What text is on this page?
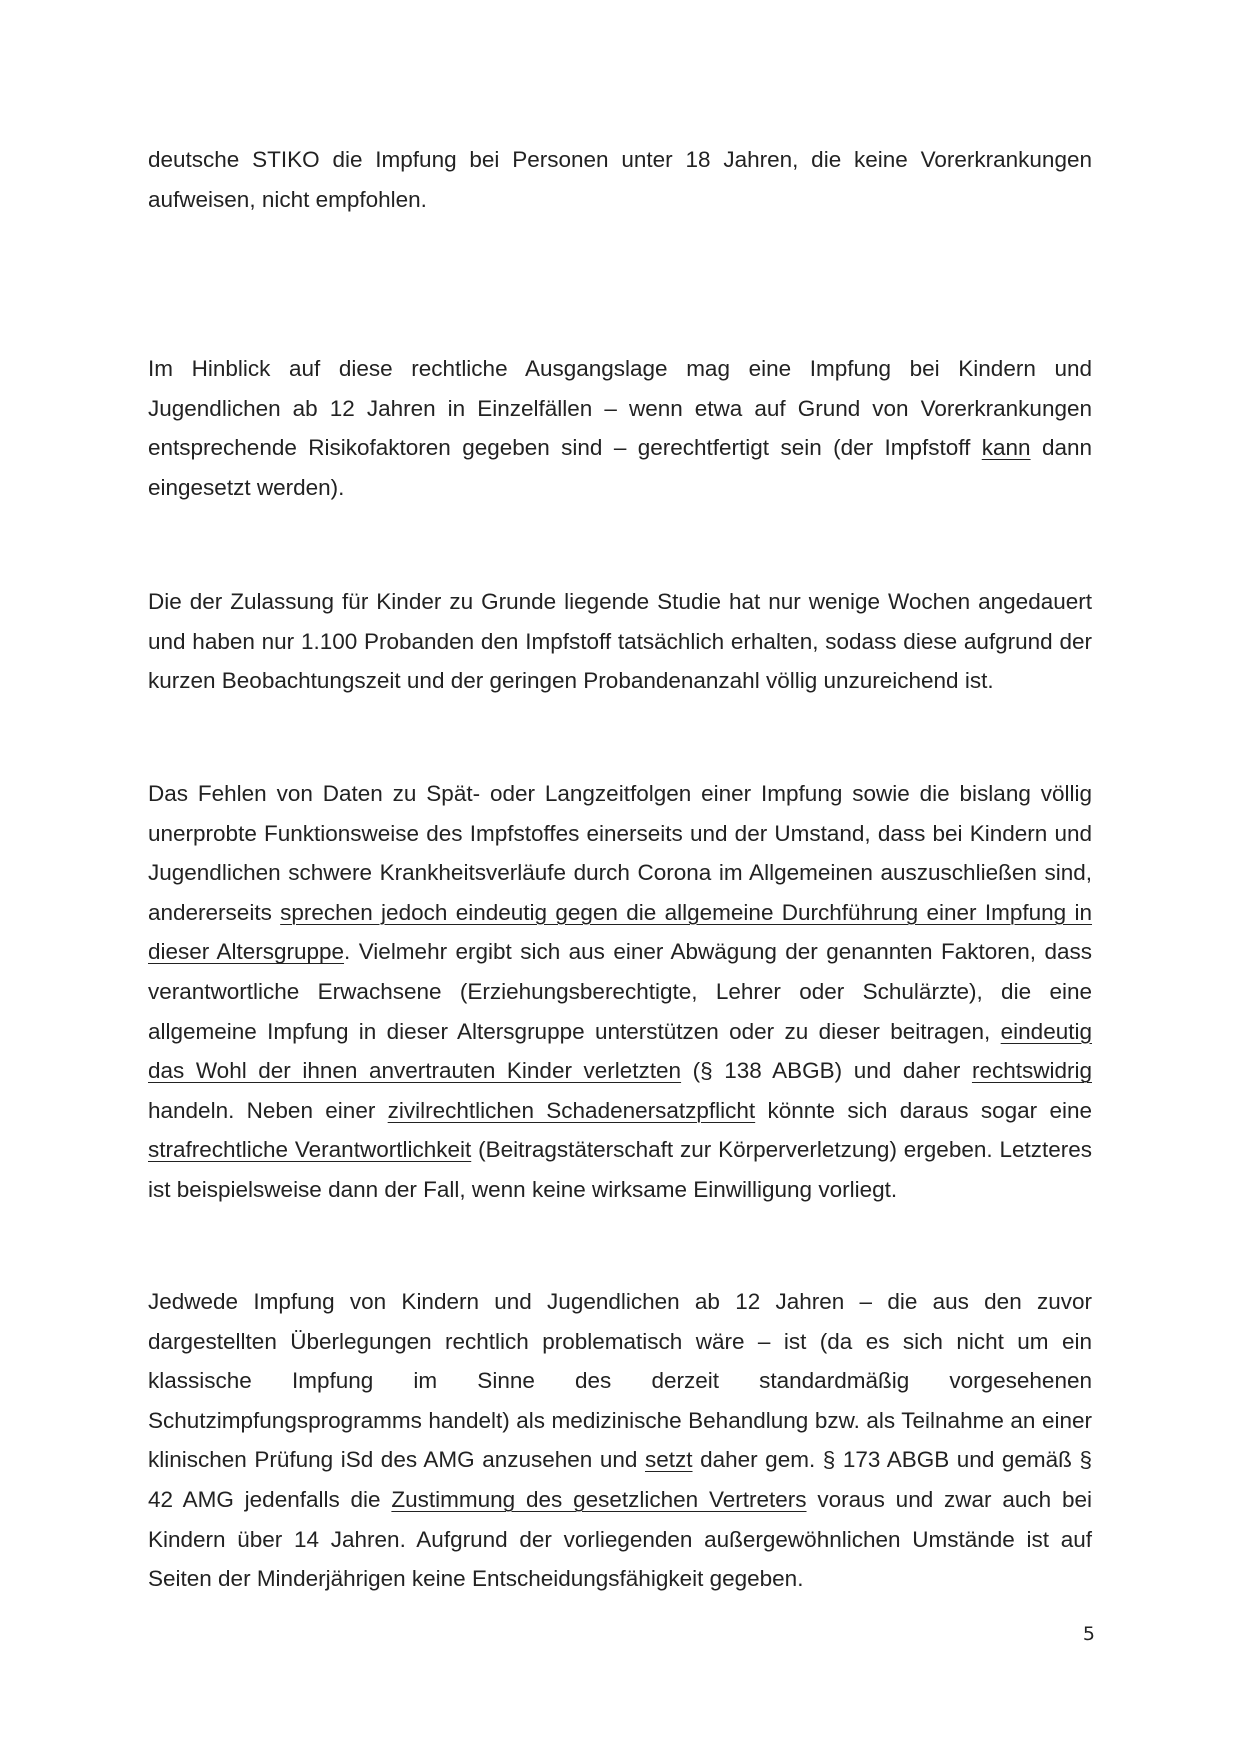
deutsche STIKO die Impfung bei Personen unter 18 Jahren, die keine Vorerkrankungen aufweisen, nicht empfohlen.

Im Hinblick auf diese rechtliche Ausgangslage mag eine Impfung bei Kindern und Jugendlichen ab 12 Jahren in Einzelfällen – wenn etwa auf Grund von Vorerkrankungen entsprechende Risikofaktoren gegeben sind – gerechtfertigt sein (der Impfstoff kann dann eingesetzt werden).

Die der Zulassung für Kinder zu Grunde liegende Studie hat nur wenige Wochen angedauert und haben nur 1.100 Probanden den Impfstoff tatsächlich erhalten, sodass diese aufgrund der kurzen Beobachtungszeit und der geringen Probandenanzahl völlig unzureichend ist.

Das Fehlen von Daten zu Spät- oder Langzeitfolgen einer Impfung sowie die bislang völlig unerprobte Funktionsweise des Impfstoffes einerseits und der Umstand, dass bei Kindern und Jugendlichen schwere Krankheitsverläufe durch Corona im Allgemeinen auszuschließen sind, andererseits sprechen jedoch eindeutig gegen die allgemeine Durchführung einer Impfung in dieser Altersgruppe. Vielmehr ergibt sich aus einer Abwägung der genannten Faktoren, dass verantwortliche Erwachsene (Erziehungsberechtigte, Lehrer oder Schulärzte), die eine allgemeine Impfung in dieser Altersgruppe unterstützen oder zu dieser beitragen, eindeutig das Wohl der ihnen anvertrauten Kinder verletzten (§ 138 ABGB) und daher rechtswidrig handeln. Neben einer zivilrechtlichen Schadenersatzpflicht könnte sich daraus sogar eine strafrechtliche Verantwortlichkeit (Beitragstäterschaft zur Körperverletzung) ergeben. Letzteres ist beispielsweise dann der Fall, wenn keine wirksame Einwilligung vorliegt.

Jedwede Impfung von Kindern und Jugendlichen ab 12 Jahren – die aus den zuvor dargestellten Überlegungen rechtlich problematisch wäre – ist (da es sich nicht um ein klassische Impfung im Sinne des derzeit standardmäßig vorgesehenen Schutzimpfungsprogramms handelt) als medizinische Behandlung bzw. als Teilnahme an einer klinischen Prüfung iSd des AMG anzusehen und setzt daher gem. § 173 ABGB und gemäß § 42 AMG jedenfalls die Zustimmung des gesetzlichen Vertreters voraus und zwar auch bei Kindern über 14 Jahren. Aufgrund der vorliegenden außergewöhnlichen Umstände ist auf Seiten der Minderjährigen keine Entscheidungsfähigkeit gegeben.

5
